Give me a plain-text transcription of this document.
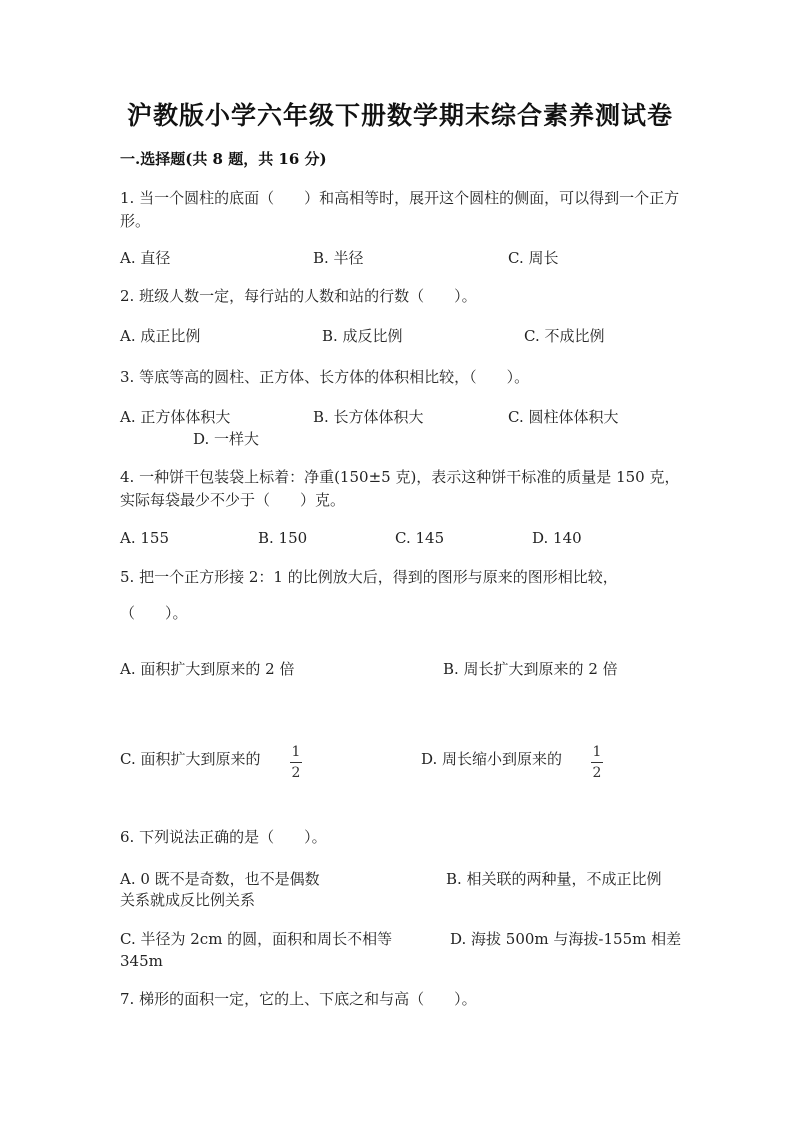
沪教版小学六年级下册数学期末综合素养测试卷
一.选择题(共 8 题，共 16 分)
1. 当一个圆柱的底面（　　）和高相等时，展开这个圆柱的侧面，可以得到一个正方形。
A. 直径	B. 半径	C. 周长
2. 班级人数一定，每行站的人数和站的行数（　　）。
A. 成正比例	B. 成反比例	C. 不成比例
3. 等底等高的圆柱、正方体、长方体的体积相比较，（　　）。
A. 正方体体积大	B. 长方体体积大	C. 圆柱体体积大
D. 一样大
4. 一种饼干包装袋上标着：净重(150±5 克)，表示这种饼干标准的质量是 150 克，实际每袋最少不少于（　　）克。
A. 155	B. 150	C. 145	D. 140
5. 把一个正方形接 2：1 的比例放大后，得到的图形与原来的图形相比较，
（　　）。
A. 面积扩大到原来的 2 倍	B. 周长扩大到原来的 2 倍
C. 面积扩大到原来的 1
2
D. 周长缩小到原来的 1
2
6. 下列说法正确的是（　　）。
A. 0 既不是奇数，也不是偶数	B. 相关联的两种量，不成正比例
关系就成反比例关系
C. 半径为 2cm 的圆，面积和周长不相等	D. 海拔 500m 与海拔-155m 相差
345m
7. 梯形的面积一定，它的上、下底之和与高（　　）。
